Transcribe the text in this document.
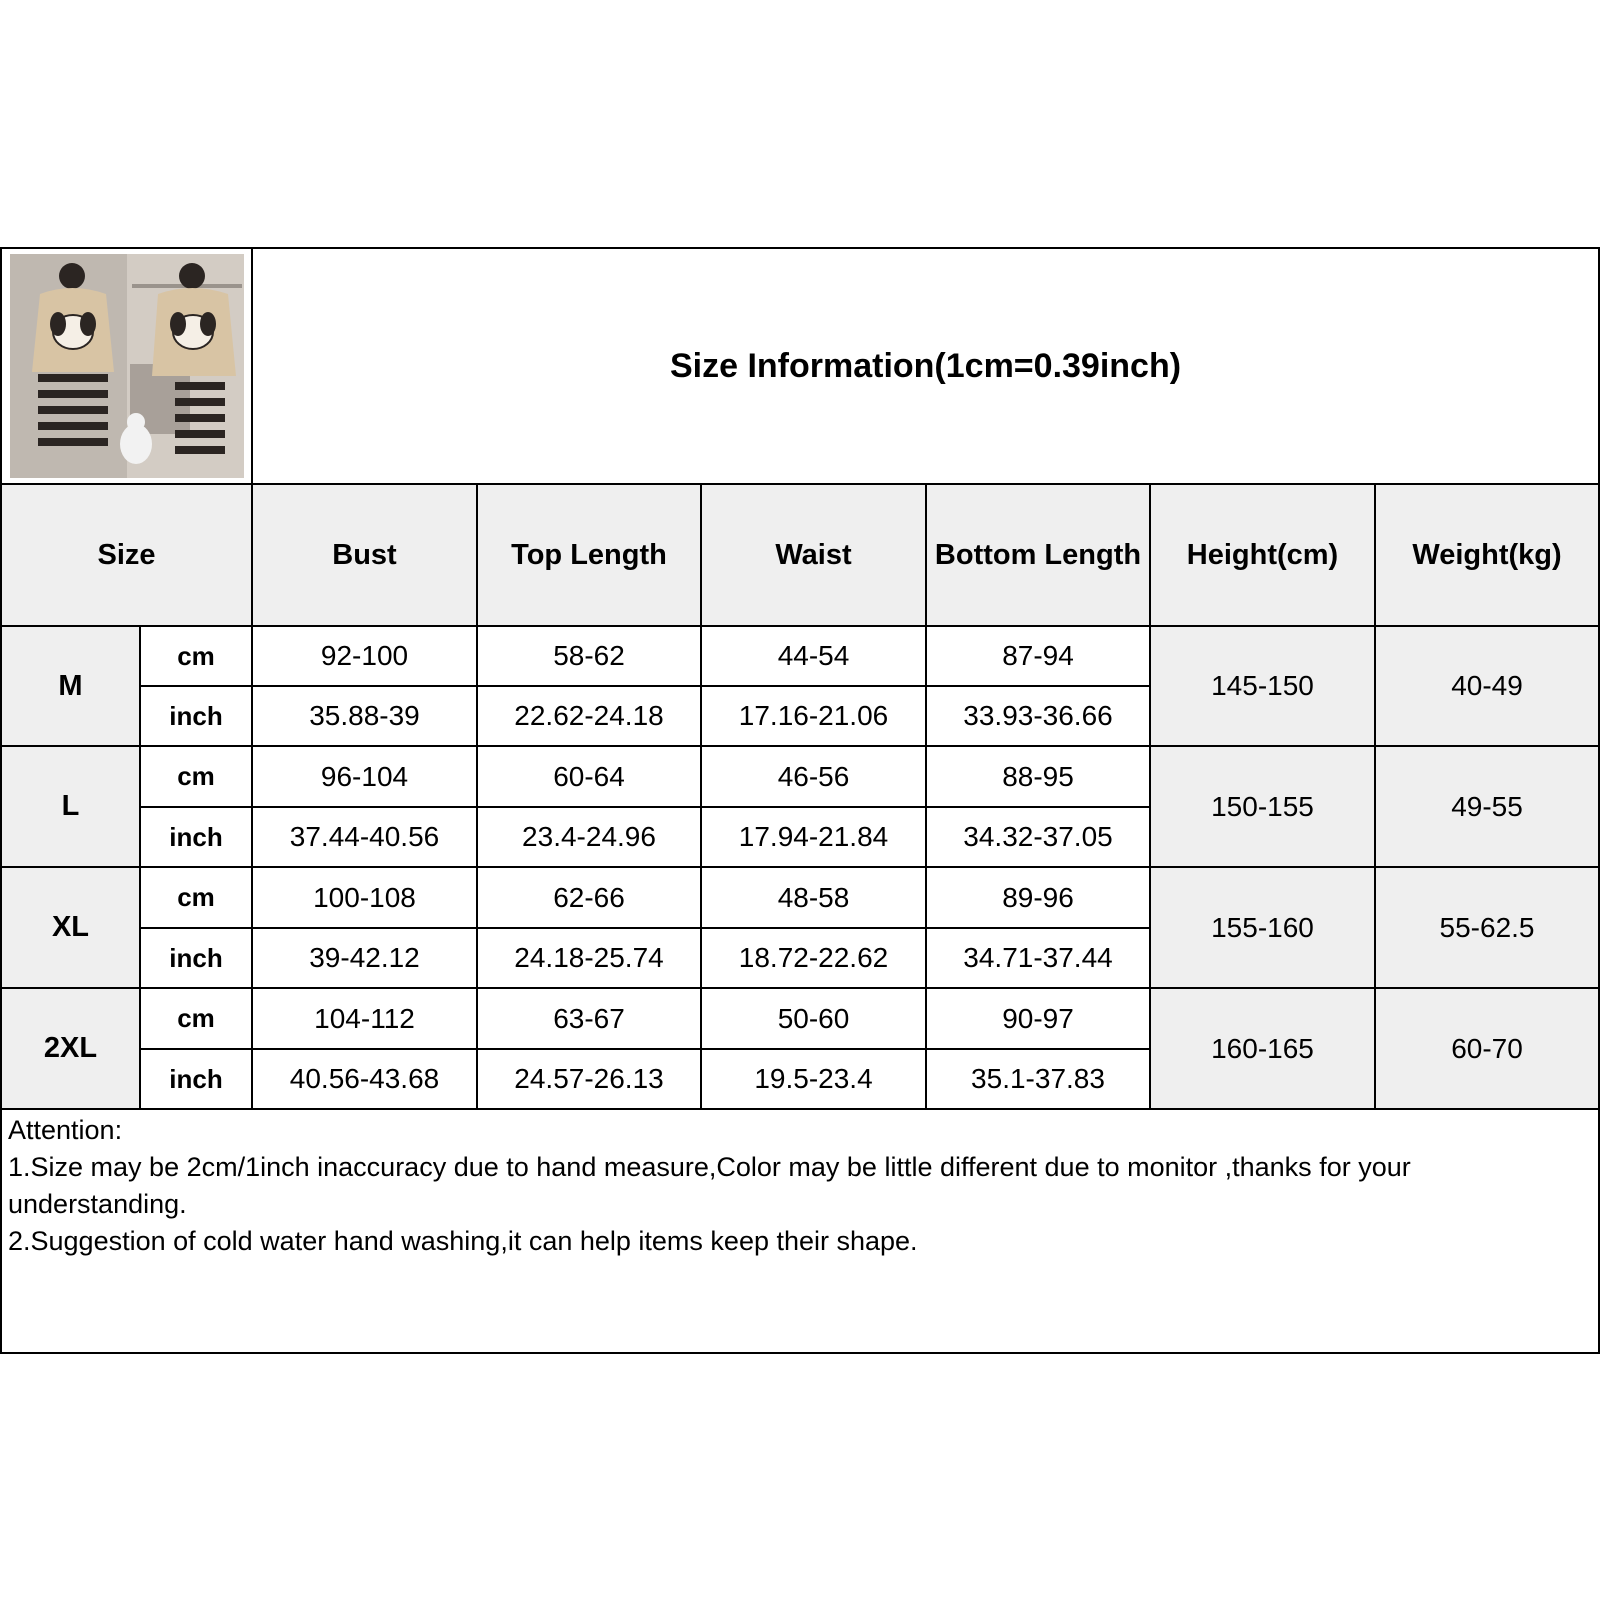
	Size Information(1cm=0.39inch)					
Size		Bust	Top Length	Waist	Bottom Length	Height(cm)	Weight(kg)
M	cm	92-100	58-62	44-54	87-94	145-150	40-49
	inch	35.88-39	22.62-24.18	17.16-21.06	33.93-36.66		
L	cm	96-104	60-64	46-56	88-95	150-155	49-55
	inch	37.44-40.56	23.4-24.96	17.94-21.84	34.32-37.05		
XL	cm	100-108	62-66	48-58	89-96	155-160	55-62.5
	inch	39-42.12	24.18-25.74	18.72-22.62	34.71-37.44		
2XL	cm	104-112	63-67	50-60	90-97	160-165	60-70
	inch	40.56-43.68	24.57-26.13	19.5-23.4	35.1-37.83		
Attention:
1.Size may be 2cm/1inch inaccuracy due to hand measure,Color may be little different due to monitor ,thanks for your understanding.
2.Suggestion of cold water hand washing,it can help items keep their shape.
